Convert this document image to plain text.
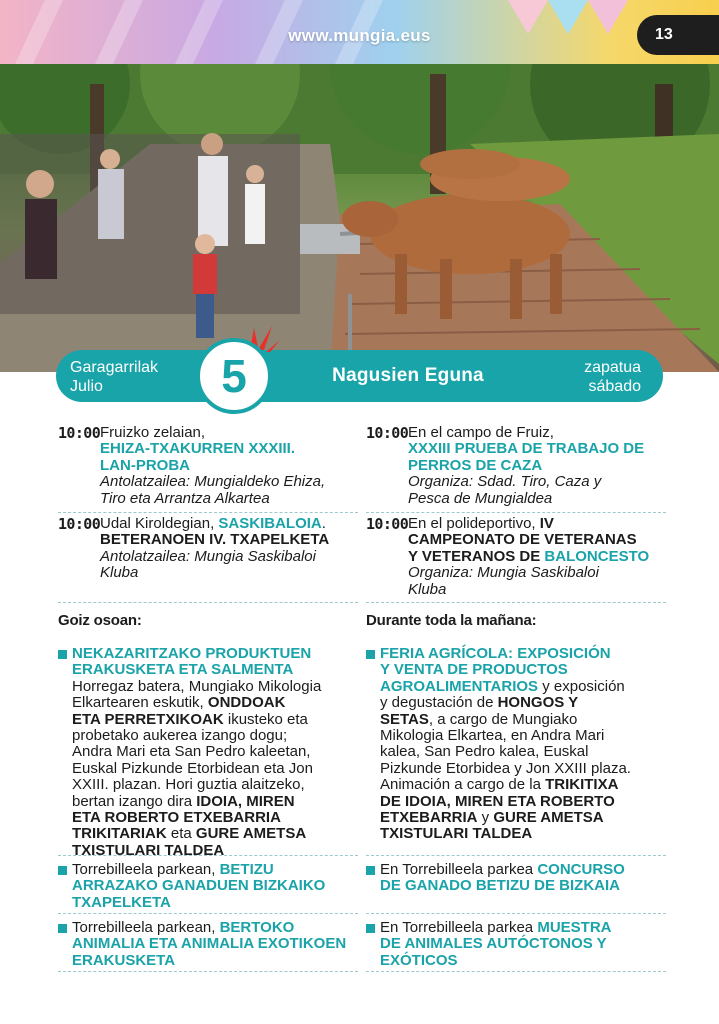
www.mungia.eus	13
Garagarrilak
Julio
Nagusien Eguna	zapatua
sábado
5
10:00 Fruizko zelaian,
EHIZA-TXAKURREN XXXIII.
LAN-PROBA
Antolatzailea: Mungialdeko Ehiza,
Tiro eta Arrantza Alkartea
10:00 Udal Kiroldegian, SASKIBALOIA.
BETERANOEN IV. TXAPELKETA
Antolatzailea: Mungia Saskibaloi
Kluba
Goiz osoan:
NEKAZARITZAKO PRODUKTUEN
ERAKUSKETA ETA SALMENTA
Horregaz batera, Mungiako Mikologia
Elkartearen eskutik, ONDDOAK
ETA PERRETXIKOAK ikusteko eta
probetako aukerea izango dogu;
Andra Mari eta San Pedro kaleetan,
Euskal Pizkunde Etorbidean eta Jon
XXIII. plazan. Hori guztia alaitzeko,
bertan izango dira IDOIA, MIREN
ETA ROBERTO ETXEBARRIA
TRIKITARIAK eta GURE AMETSA
TXISTULARI TALDEA
Torrebilleela parkean, BETIZU
ARRAZAKO GANADUEN BIZKAIKO
TXAPELKETA
Torrebilleela parkean, BERTOKO
ANIMALIA ETA ANIMALIA EXOTIKOEN
ERAKUSKETA
10:00 En el campo de Fruiz,
XXXIII PRUEBA DE TRABAJO DE
PERROS DE CAZA
Organiza: Sdad. Tiro, Caza y
Pesca de Mungialdea
10:00 En el polideportivo, IV
CAMPEONATO DE VETERANAS
Y VETERANOS DE BALONCESTO
Organiza: Mungia Saskibaloi
Kluba
Durante toda la mañana:
FERIA AGRÍCOLA: EXPOSICIÓN
Y VENTA DE PRODUCTOS
AGROALIMENTARIOS y exposición
y degustación de HONGOS Y
SETAS, a cargo de Mungiako
Mikologia Elkartea, en Andra Mari
kalea, San Pedro kalea, Euskal
Pizkunde Etorbidea y Jon XXIII plaza.
Animación a cargo de la TRIKITIXA
DE IDOIA, MIREN ETA ROBERTO
ETXEBARRIA y GURE AMETSA
TXISTULARI TALDEA
En Torrebilleela parkea CONCURSO
DE GANADO BETIZU DE BIZKAIA
En Torrebilleela parkea MUESTRA
DE ANIMALES AUTÓCTONOS Y
EXÓTICOS
